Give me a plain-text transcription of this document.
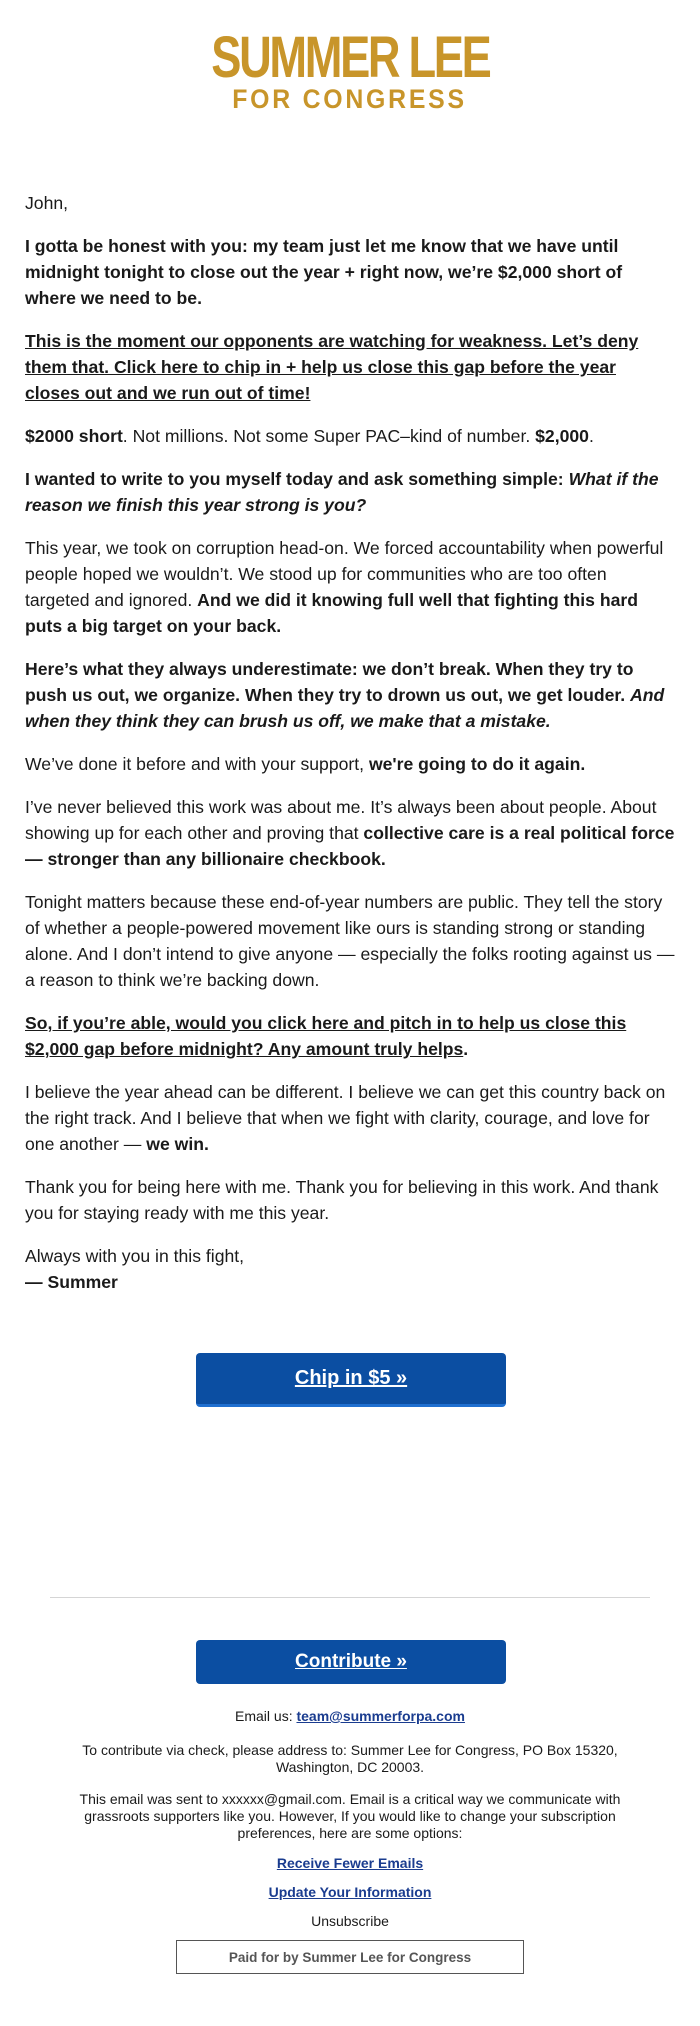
SUMMER LEE
FOR CONGRESS

John,

I gotta be honest with you: my team just let me know that we have until midnight tonight to close out the year + right now, we’re $2,000 short of where we need to be.

This is the moment our opponents are watching for weakness. Let’s deny them that. Click here to chip in + help us close this gap before the year closes out and we run out of time!

$2000 short. Not millions. Not some Super PAC–kind of number. $2,000.

I wanted to write to you myself today and ask something simple: What if the reason we finish this year strong is you?

This year, we took on corruption head-on. We forced accountability when powerful people hoped we wouldn’t. We stood up for communities who are too often targeted and ignored. And we did it knowing full well that fighting this hard puts a big target on your back.

Here’s what they always underestimate: we don’t break. When they try to push us out, we organize. When they try to drown us out, we get louder. And when they think they can brush us off, we make that a mistake.

We’ve done it before and with your support, we're going to do it again.

I’ve never believed this work was about me. It’s always been about people. About showing up for each other and proving that collective care is a real political force — stronger than any billionaire checkbook.

Tonight matters because these end-of-year numbers are public. They tell the story of whether a people-powered movement like ours is standing strong or standing alone. And I don’t intend to give anyone — especially the folks rooting against us — a reason to think we’re backing down.

So, if you’re able, would you click here and pitch in to help us close this $2,000 gap before midnight? Any amount truly helps.

I believe the year ahead can be different. I believe we can get this country back on the right track. And I believe that when we fight with clarity, courage, and love for one another — we win.

Thank you for being here with me. Thank you for believing in this work. And thank you for staying ready with me this year.

Always with you in this fight,
— Summer

Chip in $5 »
Contribute »
Email us: team@summerforpa.com
To contribute via check, please address to: Summer Lee for Congress, PO Box 15320, Washington, DC 20003.
This email was sent to xxxxxx@gmail.com. Email is a critical way we communicate with grassroots supporters like you. However, If you would like to change your subscription preferences, here are some options:
Receive Fewer Emails
Update Your Information
Unsubscribe
Paid for by Summer Lee for Congress
